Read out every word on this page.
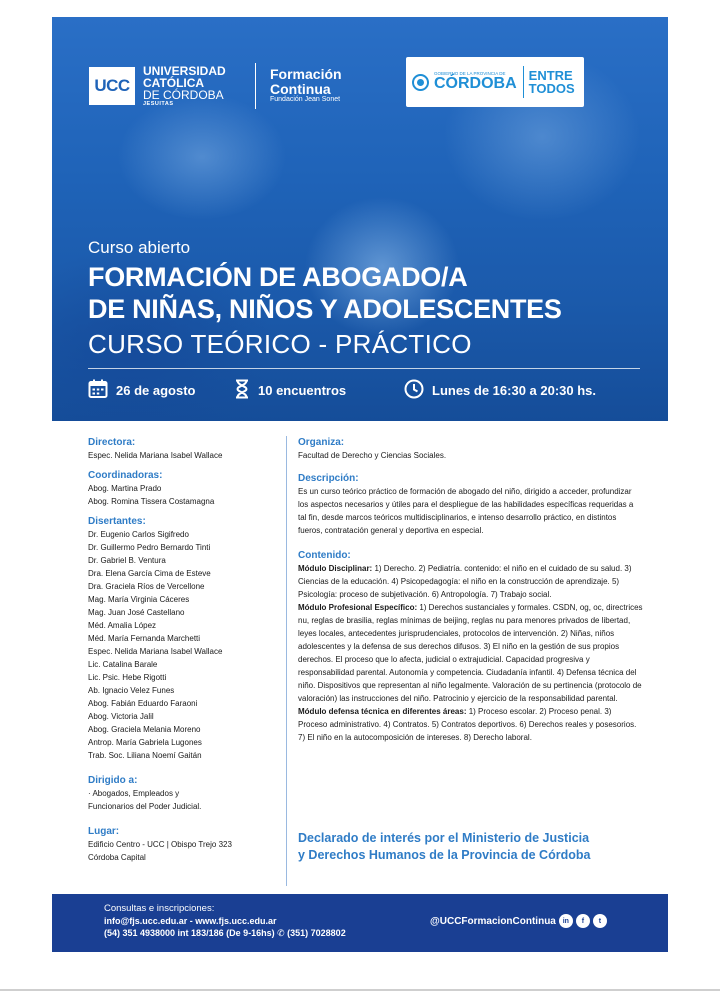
UCC
UNIVERSIDAD
CATÓLICA
DE CÓRDOBA
JESUITAS
Formación
Continua
Fundación Jean Sonet
GOBIERNO DE LA PROVINCIA DE
CÓRDOBA ENTRE
TODOS
Curso abierto
FORMACIÓN DE ABOGADO/A
DE NIÑAS, NIÑOS Y ADOLESCENTES
CURSO TEÓRICO - PRÁCTICO
26 de agosto	10 encuentros	Lunes de 16:30 a 20:30 hs.
Directora:
Espec. Nelida Mariana Isabel Wallace
Coordinadoras:
Abog. Martina Prado
Abog. Romina Tissera Costamagna
Disertantes:
Dr. Eugenio Carlos Sigifredo
Dr. Guillermo Pedro Bernardo Tinti
Dr. Gabriel B. Ventura
Dra. Elena García Cima de Esteve
Dra. Graciela Ríos de Vercellone
Mag. María Virginia Cáceres
Mag. Juan José Castellano
Méd. Amalia López
Méd. María Fernanda Marchetti
Espec. Nelida Mariana Isabel Wallace
Lic. Catalina Barale
Lic. Psic. Hebe Rigotti
Ab. Ignacio Velez Funes
Abog. Fabián Eduardo Faraoni
Abog. Victoria Jalil
Abog. Graciela Melania Moreno
Antrop. María Gabriela Lugones
Trab. Soc. Liliana Noemí Gaitán
Dirigido a:
· Abogados, Empleados y
Funcionarios del Poder Judicial.
Lugar:
Edificio Centro - UCC | Obispo Trejo 323
Córdoba Capital
Organiza:
Facultad de Derecho y Ciencias Sociales.
Descripción:
Es un curso teórico práctico de formación de abogado del niño, dirigido a acceder, profundizar los aspectos necesarios y útiles para el despliegue de las habilidades específicas requeridas a tal fin, desde marcos teóricos multidisciplinarios, e intenso desarrollo práctico, en distintos fueros, contratación general y deportiva en especial.
Contenido:
Módulo Disciplinar: 1) Derecho. 2) Pediatría. contenido: el niño en el cuidado de su salud. 3) Ciencias de la educación. 4) Psicopedagogía: el niño en la construcción de aprendizaje. 5) Psicología: proceso de subjetivación. 6) Antropología. 7) Trabajo social.
Módulo Profesional Específico: 1) Derechos sustanciales y formales. CSDN, og, oc, directrices nu, reglas de brasilia, reglas mínimas de beijing, reglas nu para menores privados de libertad, leyes locales, antecedentes jurisprudenciales, protocolos de intervención. 2) Niñas, niños adolescentes y la defensa de sus derechos difusos. 3) El niño en la gestión de sus propios derechos. El proceso que lo afecta, judicial o extrajudicial. Capacidad progresiva y responsabilidad parental. Autonomía y competencia. Ciudadanía infantil. 4) Defensa técnica del niño. Dispositivos que representan al niño legalmente. Valoración de su pertinencia (protocolo de valoración) las instrucciones del niño. Patrocinio y ejercicio de la responsabilidad parental.
Módulo defensa técnica en diferentes áreas: 1) Proceso escolar. 2) Proceso penal. 3) Proceso administrativo. 4) Contratos. 5) Contratos deportivos. 6) Derechos reales y posesorios. 7) El niño en la autocomposición de intereses. 8) Derecho laboral.
Declarado de interés por el Ministerio de Justicia
y Derechos Humanos de la Provincia de Córdoba
Consultas e inscripciones:
info@fjs.ucc.edu.ar - www.fjs.ucc.edu.ar
(54) 351 4938000 int 183/186 (De 9-16hs) ✆ (351) 7028802
@UCCFormacionContinua in	f	t
